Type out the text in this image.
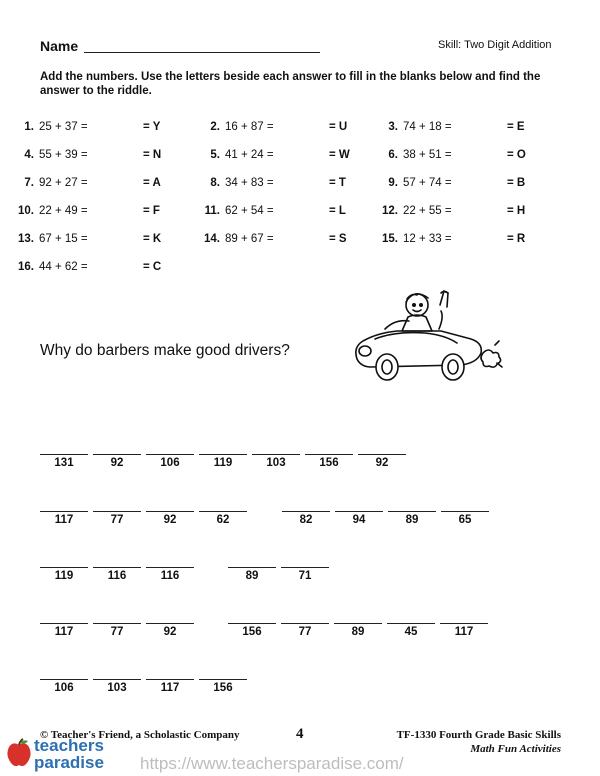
Name	Skill: Two Digit Addition
Add the numbers. Use the letters beside each answer to fill in the blanks below and find the answer to the riddle.
1. 25 + 37 =	= Y	2. 16 + 87 =	= U	3. 74 + 18 =	= E
4. 55 + 39 =	= N	5. 41 + 24 =	= W	6. 38 + 51 =	= O
7. 92 + 27 =	= A	8. 34 + 83 =	= T	9. 57 + 74 =	= B
10. 22 + 49 =	= F	11. 62 + 54 =	= L	12. 22 + 55 =	= H
13. 67 + 15 =	= K	14. 89 + 67 =	= S	15. 12 + 33 =	= R
16. 44 + 62 =	= C
Why do barbers make good drivers?
131	92	106	119	103	156	92
117	77	92	62	82	94	89	65
119	116	116	89	71
117	77	92	156	77	89	45	117
106	103	117	156
© Teacher's Friend, a Scholastic Company	4	TF-1330 Fourth Grade Basic Skills
Math Fun Activities
teachers
paradise https://www.teachersparadise.com/
